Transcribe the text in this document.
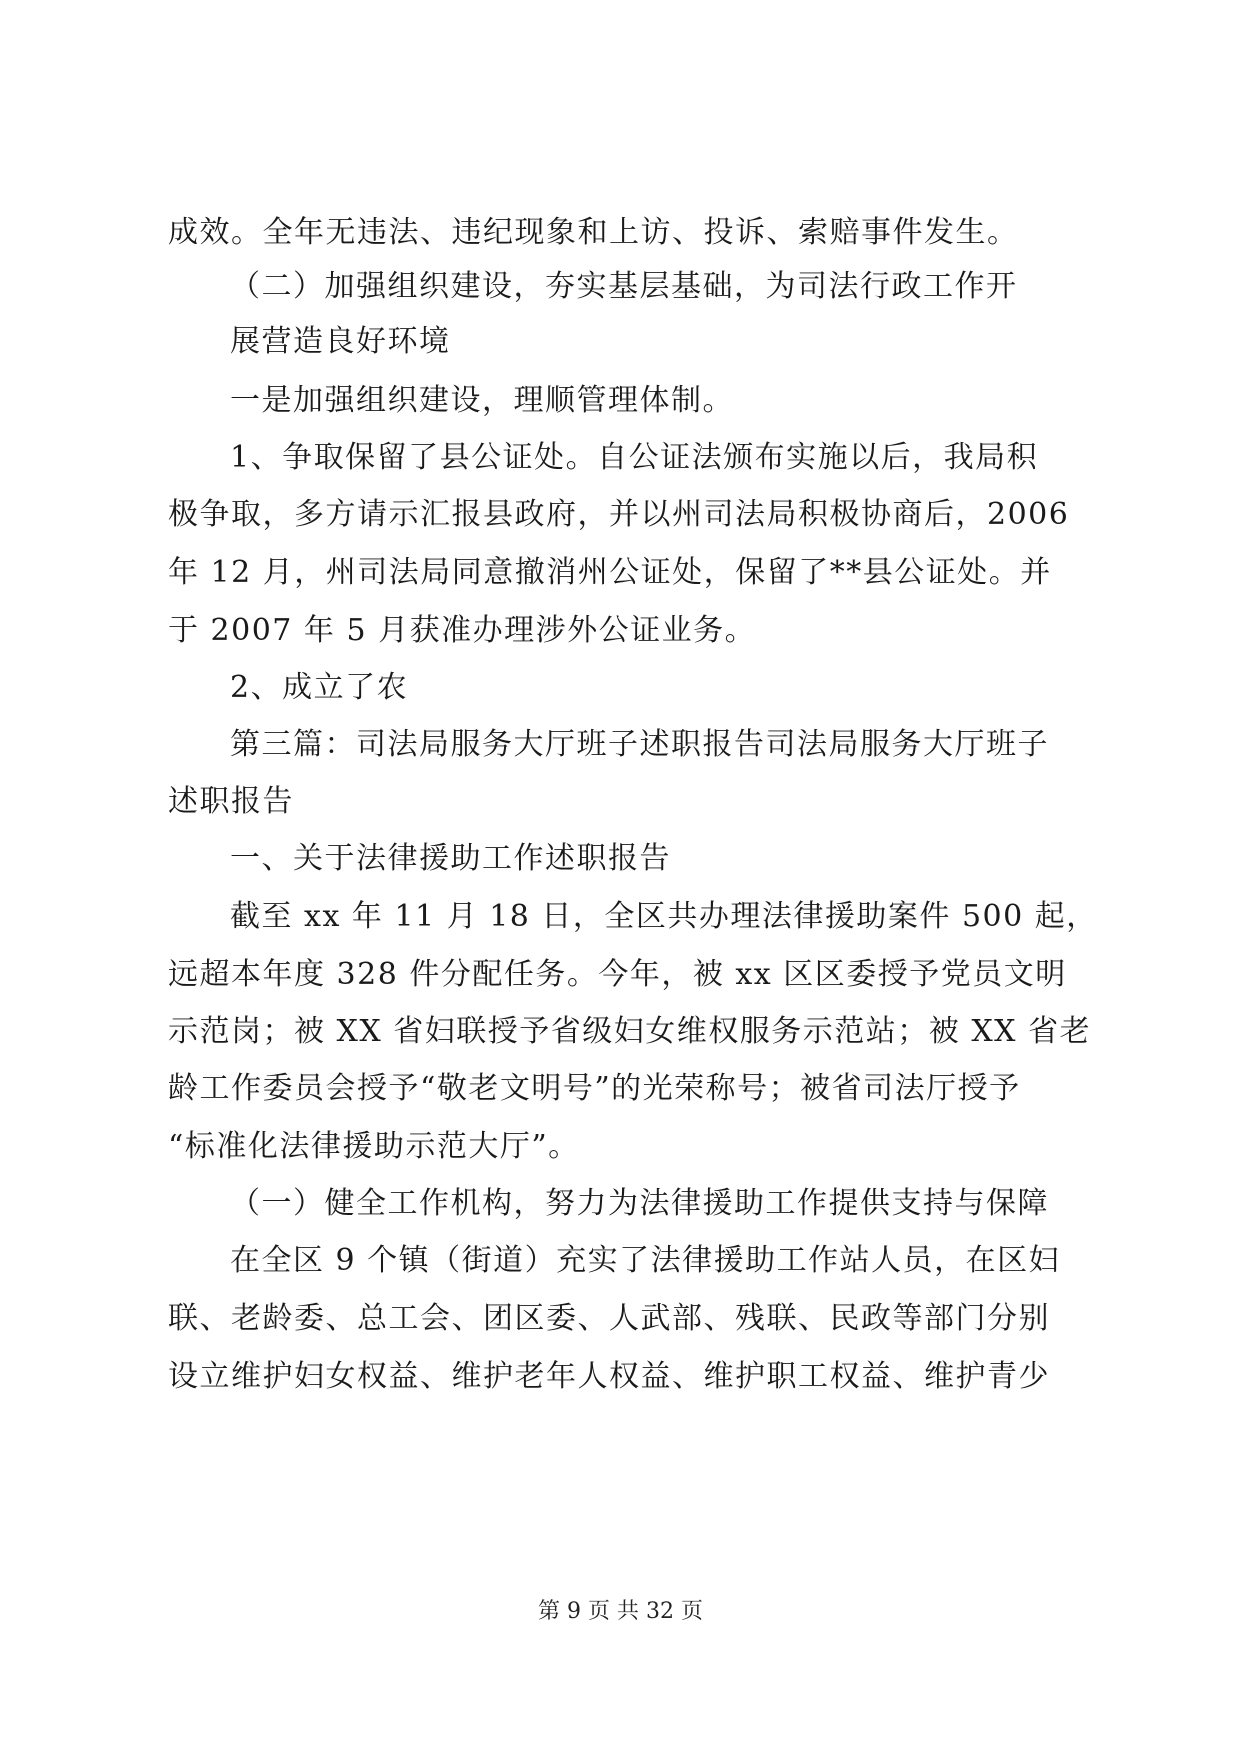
成效。全年无违法、违纪现象和上访、投诉、索赔事件发生。
（二）加强组织建设，夯实基层基础，为司法行政工作开
展营造良好环境
一是加强组织建设，理顺管理体制。
1、争取保留了县公证处。自公证法颁布实施以后，我局积
极争取，多方请示汇报县政府，并以州司法局积极协商后，2006
年 12 月，州司法局同意撤消州公证处，保留了**县公证处。并
于 2007 年 5 月获准办理涉外公证业务。
2、成立了农
第三篇：司法局服务大厅班子述职报告司法局服务大厅班子
述职报告
一、关于法律援助工作述职报告
截至 xx 年 11 月 18 日，全区共办理法律援助案件 500 起，
远超本年度 328 件分配任务。今年，被 xx 区区委授予党员文明
示范岗；被 XX 省妇联授予省级妇女维权服务示范站；被 XX 省老
龄工作委员会授予“敬老文明号”的光荣称号；被省司法厅授予
“标准化法律援助示范大厅”。
（一）健全工作机构，努力为法律援助工作提供支持与保障
在全区 9 个镇（街道）充实了法律援助工作站人员，在区妇
联、老龄委、总工会、团区委、人武部、残联、民政等部门分别
设立维护妇女权益、维护老年人权益、维护职工权益、维护青少
第 9 页 共 32 页
